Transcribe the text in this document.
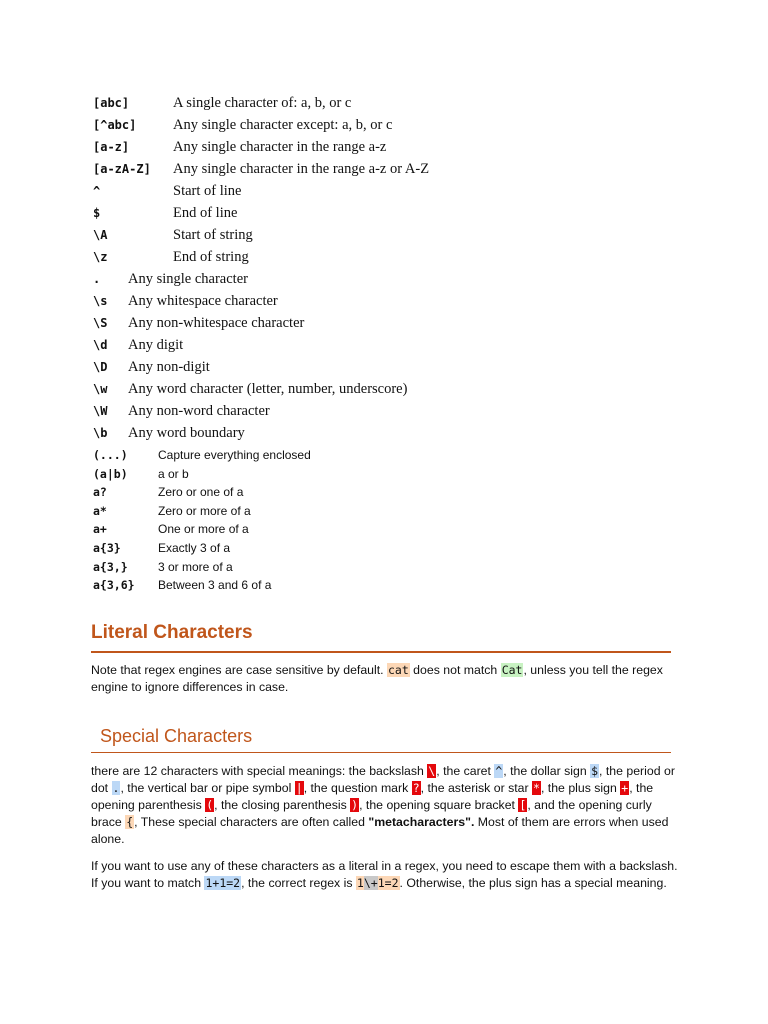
[abc]	A single character of: a, b, or c
[^abc]	Any single character except: a, b, or c
[a-z]	Any single character in the range a-z
[a-zA-Z] Any single character in the range a-z or A-Z
^	Start of line
$	End of line
\A	Start of string
\z	End of string
. Any single character
\s Any whitespace character
\S Any non-whitespace character
\d Any digit
\D Any non-digit
\w Any word character (letter, number, underscore)
\W Any non-word character
\b Any word boundary
(...)	Capture everything enclosed
(a|b)	a or b
a?	Zero or one of a
a*	Zero or more of a
a+	One or more of a
a{3}	Exactly 3 of a
a{3,}	3 or more of a
a{3,6} Between 3 and 6 of a
Literal Characters
Note that regex engines are case sensitive by default. cat does not match Cat, unless you tell the regex engine to ignore differences in case.
Special Characters
there are 12 characters with special meanings: the backslash \, the caret ^, the dollar sign $, the period or dot ., the vertical bar or pipe symbol |, the question mark ?, the asterisk or star *, the plus sign +, the opening parenthesis (, the closing parenthesis ), the opening square bracket [, and the opening curly brace {, These special characters are often called "metacharacters". Most of them are errors when used alone.
If you want to use any of these characters as a literal in a regex, you need to escape them with a backslash. If you want to match 1+1=2, the correct regex is 1\+1=2. Otherwise, the plus sign has a special meaning.
